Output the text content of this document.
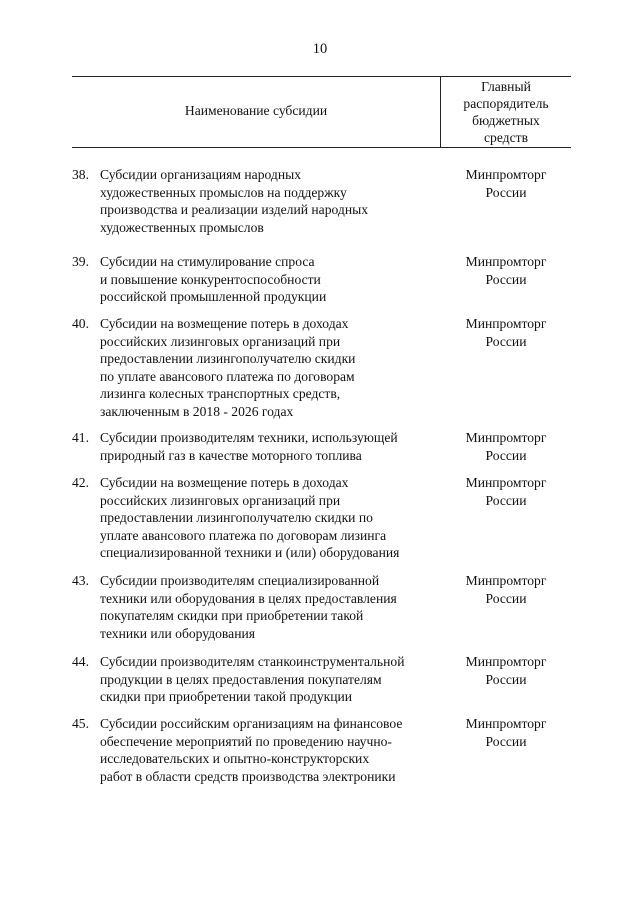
10
Наименование субсидии
Главный
распорядитель
бюджетных
средств
38. Субсидии организациям народных
художественных промыслов на поддержку
производства и реализации изделий народных
художественных промыслов
Минпромторг
России
39. Субсидии на стимулирование спроса
и повышение конкурентоспособности
российской промышленной продукции
Минпромторг
России
40. Субсидии на возмещение потерь в доходах
российских лизинговых организаций при
предоставлении лизингополучателю скидки
по уплате авансового платежа по договорам
лизинга колесных транспортных средств,
заключенным в 2018 - 2026 годах
Минпромторг
России
41. Субсидии производителям техники, использующей
природный газ в качестве моторного топлива
Минпромторг
России
42. Субсидии на возмещение потерь в доходах
российских лизинговых организаций при
предоставлении лизингополучателю скидки по
уплате авансового платежа по договорам лизинга
специализированной техники и (или) оборудования
Минпромторг
России
43. Субсидии производителям специализированной
техники или оборудования в целях предоставления
покупателям скидки при приобретении такой
техники или оборудования
Минпромторг
России
44. Субсидии производителям станкоинструментальной
продукции в целях предоставления покупателям
скидки при приобретении такой продукции
Минпромторг
России
45. Субсидии российским организациям на финансовое
обеспечение мероприятий по проведению научно-
исследовательских и опытно-конструкторских
работ в области средств производства электроники
Минпромторг
России
